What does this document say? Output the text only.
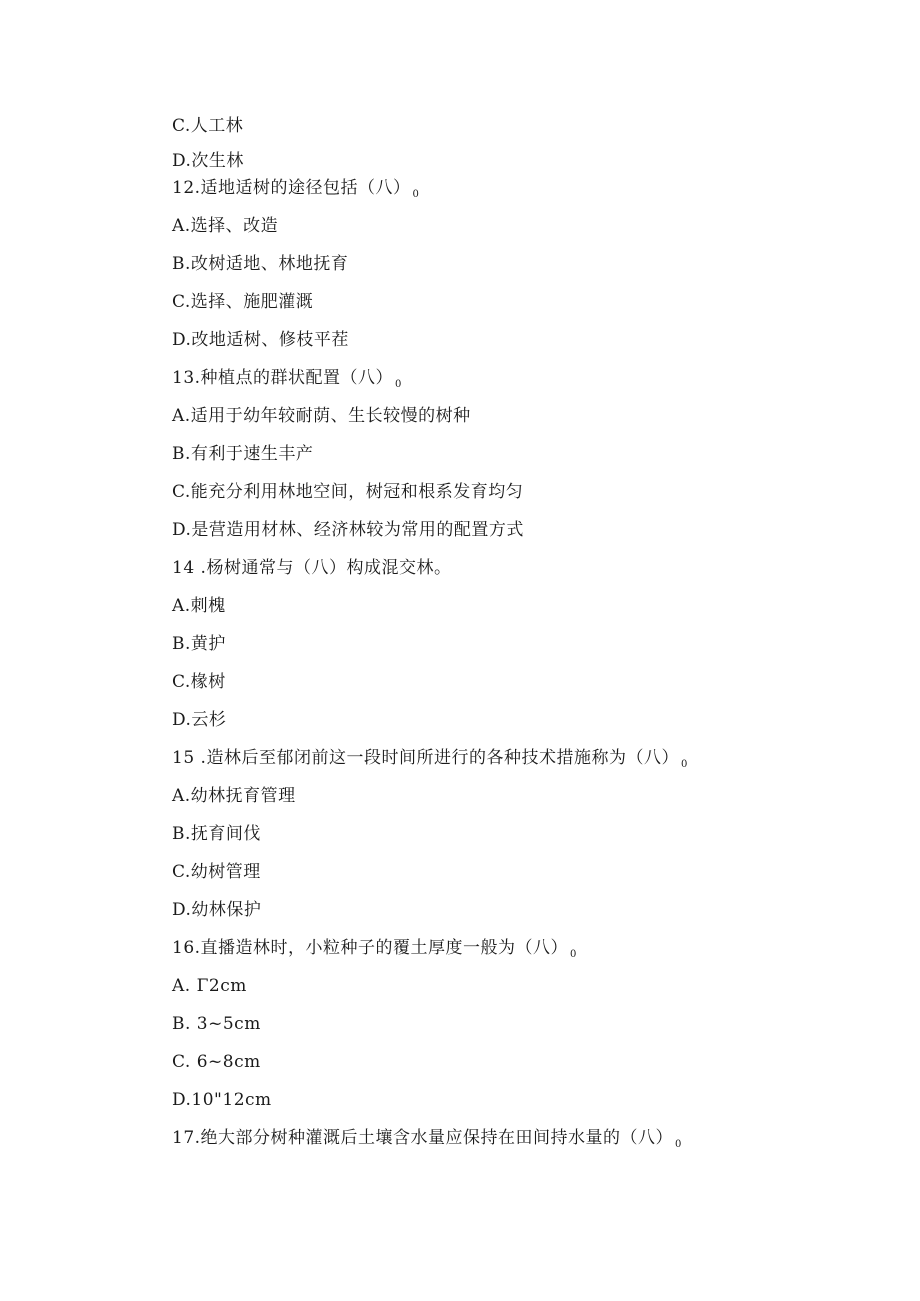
C.人工林
D.次生林
12.适地适树的途径包括（八） $_0$
A.选择、改造
B.改树适地、林地抚育
C.选择、施肥灌溉
D.改地适树、修枝平茬
13.种植点的群状配置（八） $_0$
A.适用于幼年较耐荫、生长较慢的树种
B.有利于速生丰产
C.能充分利用林地空间，树冠和根系发育均匀
D.是营造用材林、经济林较为常用的配置方式
14 .杨树通常与（八）构成混交林。
A.刺槐
B.黄护
C.椽树
D.云杉
15 .造林后至郁闭前这一段时间所进行的各种技术措施称为（八） $_0$
A.幼林抚育管理
B.抚育间伐
C.幼树管理
D.幼林保护
16.直播造林时，小粒种子的覆土厚度一般为（八） $_0$
A. Γ2cm
B. 3~5cm
C. 6~8cm
D.10"12cm
17.绝大部分树种灌溉后土壤含水量应保持在田间持水量的（八） $_0$
